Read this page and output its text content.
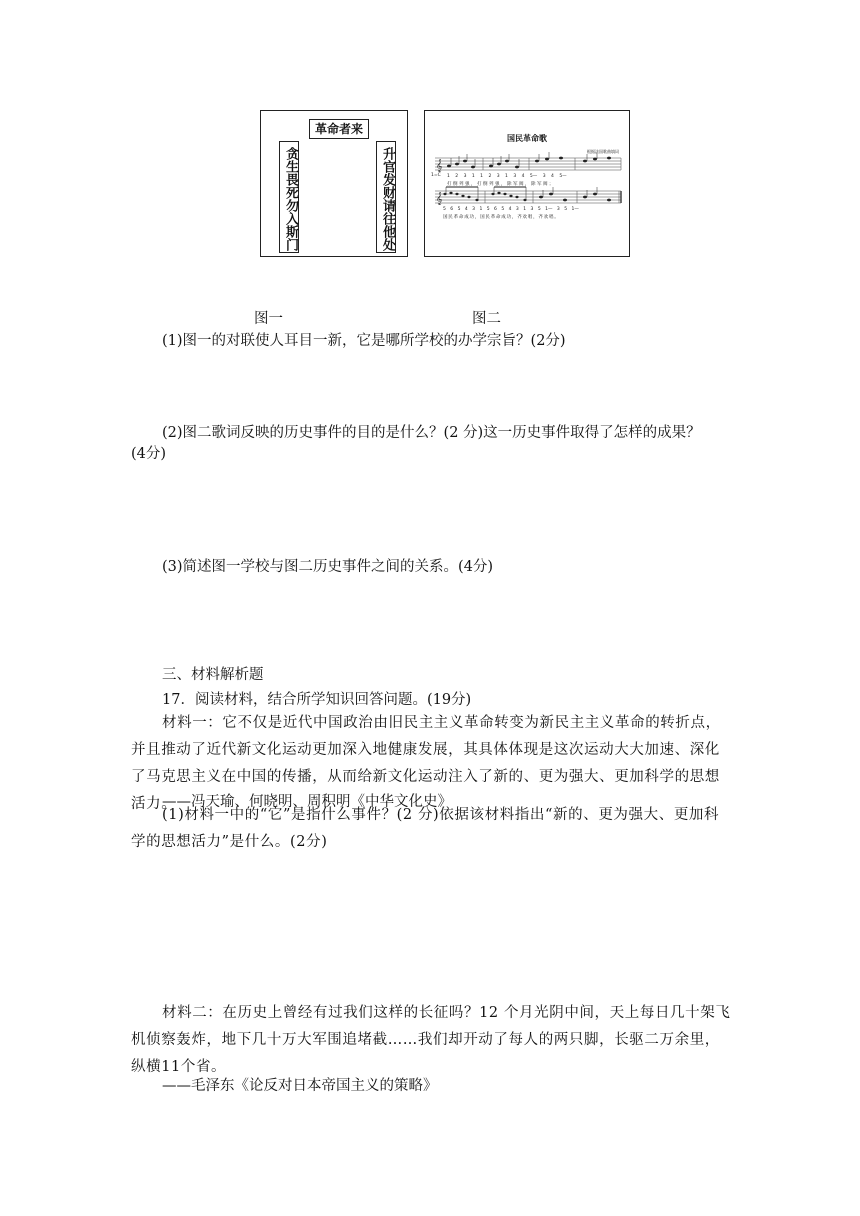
革命者来
贪生畏死勿入斯门	升官发财请往他处	𝄞
𝄞
国民革命歌
根据法国歌曲填词
1=C 1 2 3 1 1 2 3 1 3 4 5— 3 4 5—
打倒列强，打倒列强，除军阀，除军阀；
5 6 5 4 3 1 5 6 5 4 3 1 3 5 1— 3 5 1—
国民革命成功，国民革命成功，齐欢唱，齐欢唱。
图一	图二
(1)图一的对联使人耳目一新，它是哪所学校的办学宗旨？(2分)
(2)图二歌词反映的历史事件的目的是什么？(2 分)这一历史事件取得了怎样的成果？
(4分)
(3)简述图一学校与图二历史事件之间的关系。(4分)
三、材料解析题
17．阅读材料，结合所学知识回答问题。(19分)
材料一：它不仅是近代中国政治由旧民主主义革命转变为新民主主义革命的转折点，并且推动了近代新文化运动更加深入地健康发展，其具体体现是这次运动大大加速、深化了马克思主义在中国的传播，从而给新文化运动注入了新的、更为强大、更加科学的思想活力。
——冯天瑜、何晓明、周积明《中华文化史》
(1)材料一中的“它”是指什么事件？(2 分)依据该材料指出“新的、更为强大、更加科学的思想活力”是什么。(2分)
材料二：在历史上曾经有过我们这样的长征吗？12 个月光阴中间，天上每日几十架飞机侦察轰炸，地下几十万大军围追堵截……我们却开动了每人的两只脚，长驱二万余里，纵横11个省。
——毛泽东《论反对日本帝国主义的策略》
